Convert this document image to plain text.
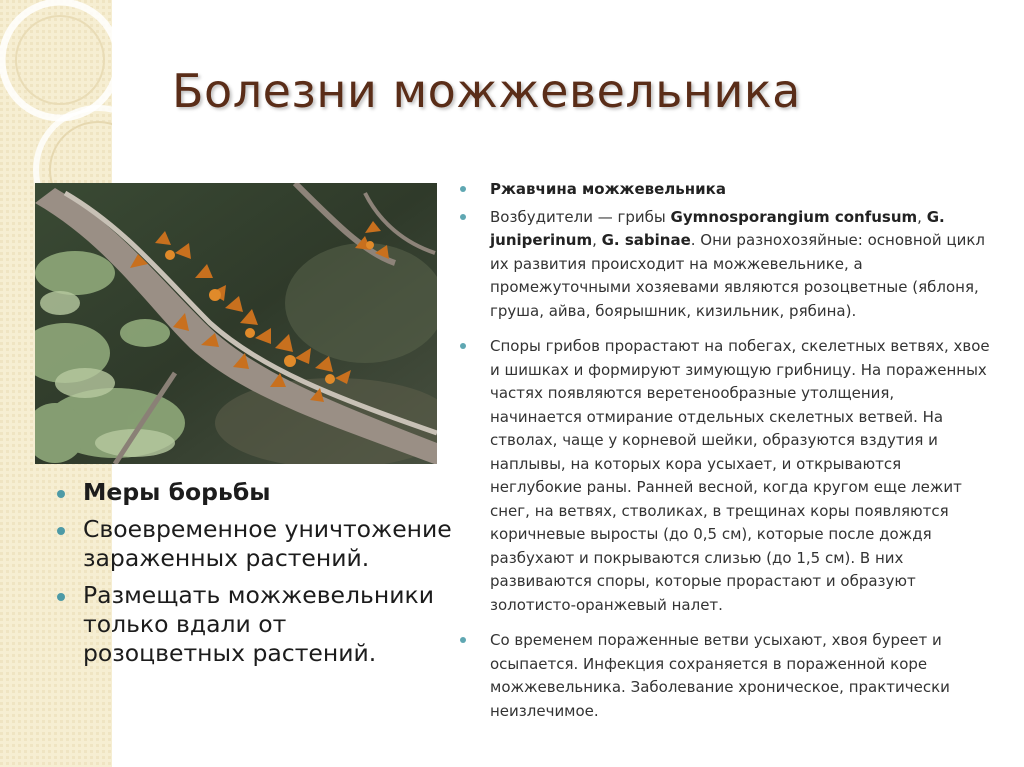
Болезни можжевельника
Меры борьбы
Своевременное уничтожение зараженных растений.
Размещать можжевельники только вдали от розоцветных растений.
Ржавчина можжевельника
Возбудители — грибы Gymnosporangium confusum, G. juniperinum, G. sabinae. Они разнохозяйные: основной цикл их развития происходит на можжевельнике, а промежуточными хозяевами являются розоцветные (яблоня, груша, айва, боярышник, кизильник, рябина).
Споры грибов прорастают на побегах, скелетных ветвях, хвое и шишках и формируют зимующую грибницу. На пораженных частях появляются веретенообразные утолщения, начинается отмирание отдельных скелетных ветвей. На стволах, чаще у корневой шейки, образуются вздутия и наплывы, на которых кора усыхает, и открываются неглубокие раны. Ранней весной, когда кругом еще лежит снег, на ветвях, стволиках, в трещинах коры появляются коричневые выросты (до 0,5 см), которые после дождя разбухают и покрываются слизью (до 1,5 см). В них развиваются споры, которые прорастают и образуют золотисто-оранжевый налет.
Со временем пораженные ветви усыхают, хвоя буреет и осыпается. Инфекция сохраняется в пораженной коре можжевельника. Заболевание хроническое, практически неизлечимое.
